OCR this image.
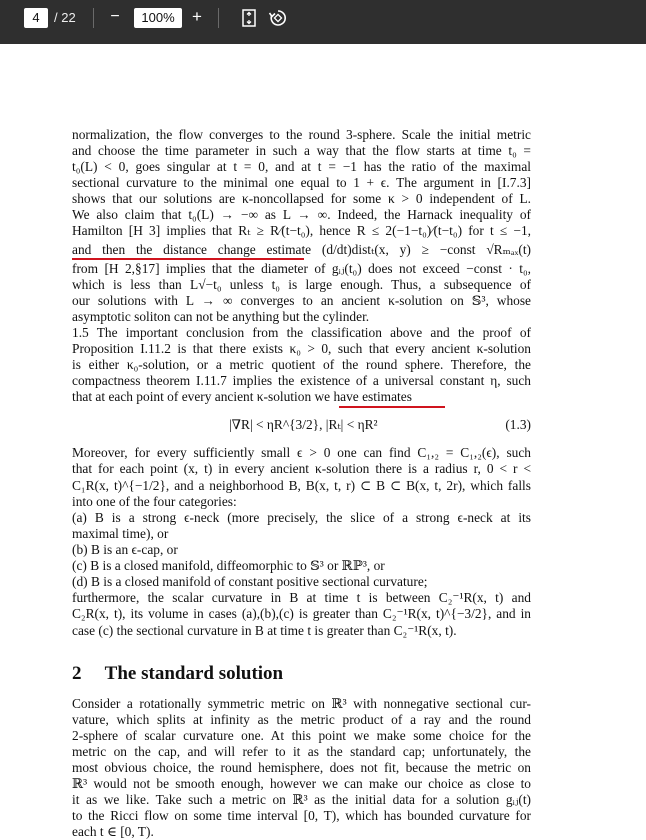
4	/ 22 −	100%	+
normalization, the flow converges to the round 3-sphere. Scale the initial metric
and choose the time parameter in such a way that the flow starts at time t₀ =
t₀(L) < 0, goes singular at t = 0, and at t = −1 has the ratio of the maximal
sectional curvature to the minimal one equal to 1 + ϵ. The argument in [I.7.3]
shows that our solutions are κ-noncollapsed for some κ > 0 independent of L.
We also claim that t₀(L) → −∞ as L → ∞. Indeed, the Harnack inequality of
Hamilton [H 3] implies that Rₜ ≥ R⁄(t−t₀), hence R ≤ 2(−1−t₀)⁄(t−t₀) for t ≤ −1,
and then the distance change estimate (d/dt)distₜ(x, y) ≥ −const √Rₘₐₓ(t)
from [H 2,§17] implies that the diameter of gᵢⱼ(t₀) does not exceed −const · t₀,
which is less than L√−t₀ unless t₀ is large enough. Thus, a subsequence of
our solutions with L → ∞ converges to an ancient κ-solution on 𝕊³, whose
asymptotic soliton can not be anything but the cylinder.
1.5 The important conclusion from the classification above and the proof of
Proposition I.11.2 is that there exists κ₀ > 0, such that every ancient κ-solution
is either κ₀-solution, or a metric quotient of the round sphere. Therefore, the
compactness theorem I.11.7 implies the existence of a universal constant η, such
that at each point of every ancient κ-solution we have estimates
|∇R| < ηR^{3/2}, |Rₜ| < ηR²	(1.3)
Moreover, for every sufficiently small ϵ > 0 one can find C₁,₂ = C₁,₂(ϵ), such
that for each point (x, t) in every ancient κ-solution there is a radius r, 0 < r <
C₁R(x, t)^{−1/2}, and a neighborhood B, B(x, t, r) ⊂ B ⊂ B(x, t, 2r), which falls
into one of the four categories:
(a) B is a strong ϵ-neck (more precisely, the slice of a strong ϵ-neck at its
maximal time), or
(b) B is an ϵ-cap, or
(c) B is a closed manifold, diffeomorphic to 𝕊³ or ℝℙ³, or
(d) B is a closed manifold of constant positive sectional curvature;
furthermore, the scalar curvature in B at time t is between C₂⁻¹R(x, t) and
C₂R(x, t), its volume in cases (a),(b),(c) is greater than C₂⁻¹R(x, t)^{−3/2}, and in
case (c) the sectional curvature in B at time t is greater than C₂⁻¹R(x, t).
2 The standard solution
Consider a rotationally symmetric metric on ℝ³ with nonnegative sectional cur-
vature, which splits at infinity as the metric product of a ray and the round
2-sphere of scalar curvature one. At this point we make some choice for the
metric on the cap, and will refer to it as the standard cap; unfortunately, the
most obvious choice, the round hemisphere, does not fit, because the metric on
ℝ³ would not be smooth enough, however we can make our choice as close to
it as we like. Take such a metric on ℝ³ as the initial data for a solution gᵢⱼ(t)
to the Ricci flow on some time interval [0, T), which has bounded curvature for
each t ∈ [0, T).
